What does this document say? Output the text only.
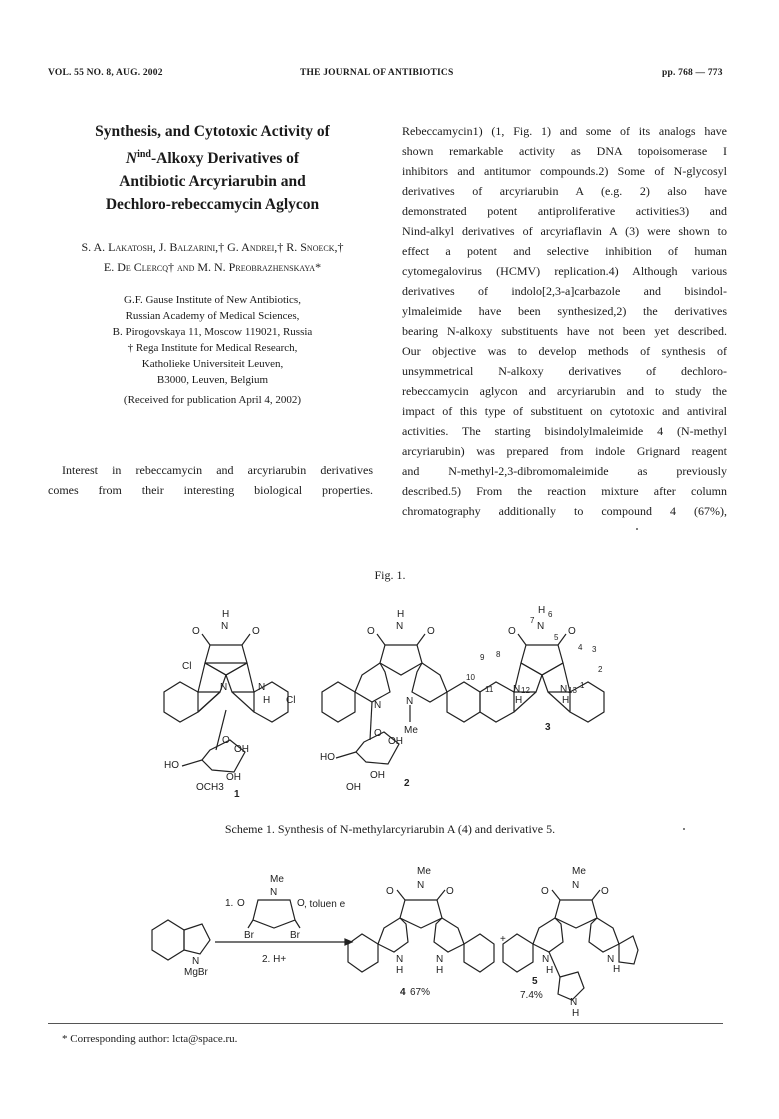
VOL. 55 NO. 8, AUG. 2002	THE JOURNAL OF ANTIBIOTICS	pp. 768 — 773
Synthesis, and Cytotoxic Activity of
$N^{ind}$-Alkoxy Derivatives of
Antibiotic Arcyriarubin and
Dechloro-rebeccamycin Aglycon
S. A. Lakatosh, J. Balzarini,† G. Andrei,† R. Snoeck,†
E. De Clercq† and M. N. Preobrazhenskaya*
G.F. Gause Institute of New Antibiotics,
Russian Academy of Medical Sciences,
B. Pirogovskaya 11, Moscow 119021, Russia
† Rega Institute for Medical Research,
Katholieke Universiteit Leuven,
B3000, Leuven, Belgium
(Received for publication April 4, 2002)
Interest in rebeccamycin and arcyriarubin derivatives
comes from their interesting biological properties.
Rebeccamycin1) (1, Fig. 1) and some of its analogs have
shown remarkable activity as DNA topoisomerase I
inhibitors and antitumor compounds.2) Some of N-glycosyl
derivatives of arcyriarubin A (e.g. 2) also have
demonstrated potent antiproliferative activities3) and
Nind-alkyl derivatives of arcyriaflavin A (3) were shown to
effect a potent and selective inhibition of human
cytomegalovirus (HCMV) replication.4) Although various
derivatives of indolo[2,3-a]carbazole and bisindol-
ylmaleimide have been synthesized,2) the derivatives
bearing N-alkoxy substituents have not been yet described.
Our objective was to develop methods of synthesis of
unsymmetrical N-alkoxy derivatives of dechloro-
rebeccamycin aglycon and arcyriarubin and to study the
impact of this type of substituent on cytotoxic and antiviral
activities. The starting bisindolylmaleimide 4 (N-methyl
arcyriarubin) was prepared from indole Grignard reagent
and N-methyl-2,3-dibromomaleimide as previously
described.5) From the reaction mixture after column
chromatography additionally to compound 4 (67%),
Fig. 1.
H
N
O	O
N	N
H
Cl
Cl
O
OH
HO
OH
OCH3
1
H
N
O	O
N N
Me
O
OH
HO
OH
OH	2
H 6
7
N
O	O
5
8
9
10
11 N 12
H
N 13
H
1
2
3
4
3
Scheme 1. Synthesis of N-methylarcyriarubin A (4) and derivative 5.
N
MgBr
1. O	O
Me
N
, toluen e
Br	Br
2. H+
Me
N
O	O
N
H
N
H
4 67%
+
Me
N
O	O
N
H
N
H
N
H
5
7.4%
* Corresponding author: lcta@space.ru.
